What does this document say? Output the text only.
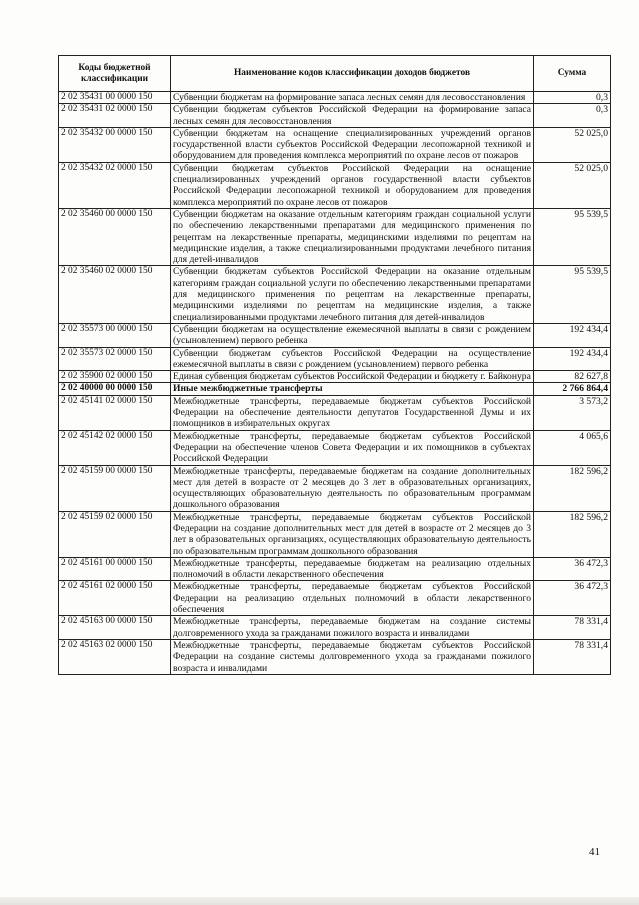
Коды бюджетной классификации	Наименование кодов классификации доходов бюджетов	Сумма
2 02 35431 00 0000 150	Субвенции бюджетам на формирование запаса лесных семян для лесовосстановления	0,3
2 02 35431 02 0000 150	Субвенции бюджетам субъектов Российской Федерации на формирование запаса лесных семян для лесовосстановления	0,3
2 02 35432 00 0000 150	Субвенции бюджетам на оснащение специализированных учреждений органов государственной власти субъектов Российской Федерации лесопожарной техникой и оборудованием для проведения комплекса мероприятий по охране лесов от пожаров	52 025,0
2 02 35432 02 0000 150	Субвенции бюджетам субъектов Российской Федерации на оснащение специализированных учреждений органов государственной власти субъектов Российской Федерации лесопожарной техникой и оборудованием для проведения комплекса мероприятий по охране лесов от пожаров	52 025,0
2 02 35460 00 0000 150	Субвенции бюджетам на оказание отдельным категориям граждан социальной услуги по обеспечению лекарственными препаратами для медицинского применения по рецептам на лекарственные препараты, медицинскими изделиями по рецептам на медицинские изделия, а также специализированными продуктами лечебного питания для детей-инвалидов	95 539,5
2 02 35460 02 0000 150	Субвенции бюджетам субъектов Российской Федерации на оказание отдельным категориям граждан социальной услуги по обеспечению лекарственными препаратами для медицинского применения по рецептам на лекарственные препараты, медицинскими изделиями по рецептам на медицинские изделия, а также специализированными продуктами лечебного питания для детей-инвалидов	95 539,5
2 02 35573 00 0000 150	Субвенции бюджетам на осуществление ежемесячной выплаты в связи с рождением (усыновлением) первого ребенка	192 434,4
2 02 35573 02 0000 150	Субвенции бюджетам субъектов Российской Федерации на осуществление ежемесячной выплаты в связи с рождением (усыновлением) первого ребенка	192 434,4
2 02 35900 02 0000 150	Единая субвенция бюджетам субъектов Российской Федерации и бюджету г. Байконура	82 627,8
2 02 40000 00 0000 150	Иные межбюджетные трансферты	2 766 864,4
2 02 45141 02 0000 150	Межбюджетные трансферты, передаваемые бюджетам субъектов Российской Федерации на обеспечение деятельности депутатов Государственной Думы и их помощников в избирательных округах	3 573,2
2 02 45142 02 0000 150	Межбюджетные трансферты, передаваемые бюджетам субъектов Российской Федерации на обеспечение членов Совета Федерации и их помощников в субъектах Российской Федерации	4 065,6
2 02 45159 00 0000 150	Межбюджетные трансферты, передаваемые бюджетам на создание дополнительных мест для детей в возрасте от 2 месяцев до 3 лет в образовательных организациях, осуществляющих образовательную деятельность по образовательным программам дошкольного образования	182 596,2
2 02 45159 02 0000 150	Межбюджетные трансферты, передаваемые бюджетам субъектов Российской Федерации на создание дополнительных мест для детей в возрасте от 2 месяцев до 3 лет в образовательных организациях, осуществляющих образовательную деятельность по образовательным программам дошкольного образования	182 596,2
2 02 45161 00 0000 150	Межбюджетные трансферты, передаваемые бюджетам на реализацию отдельных полномочий в области лекарственного обеспечения	36 472,3
2 02 45161 02 0000 150	Межбюджетные трансферты, передаваемые бюджетам субъектов Российской Федерации на реализацию отдельных полномочий в области лекарственного обеспечения	36 472,3
2 02 45163 00 0000 150	Межбюджетные трансферты, передаваемые бюджетам на создание системы долговременного ухода за гражданами пожилого возраста и инвалидами	78 331,4
2 02 45163 02 0000 150	Межбюджетные трансферты, передаваемые бюджетам субъектов Российской Федерации на создание системы долговременного ухода за гражданами пожилого возраста и инвалидами	78 331,4
41
